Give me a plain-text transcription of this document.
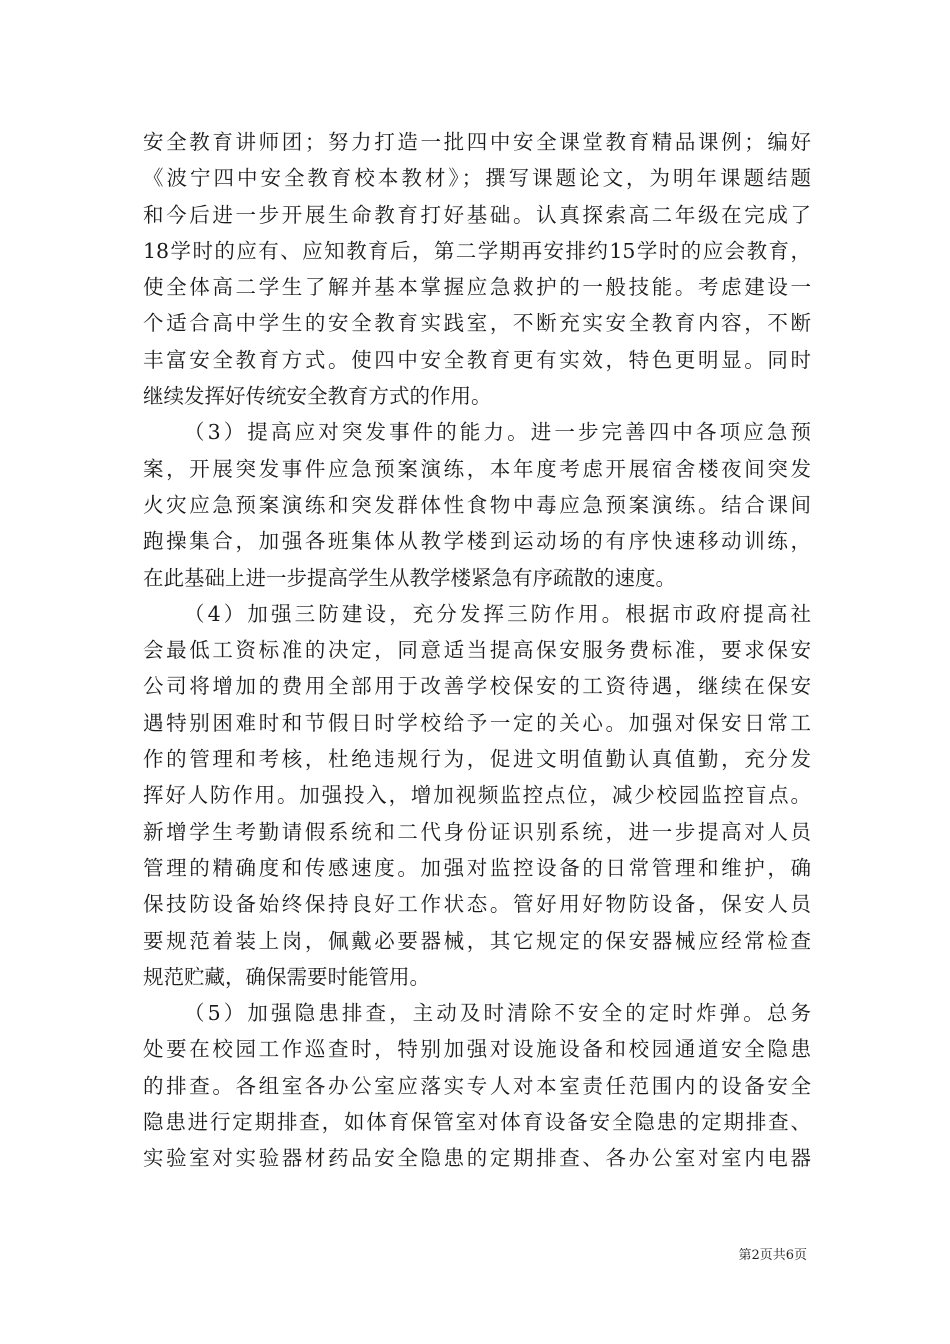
安全教育讲师团；努力打造一批四中安全课堂教育精品课例；编好
《波宁四中安全教育校本教材》；撰写课题论文，为明年课题结题
和今后进一步开展生命教育打好基础。认真探索高二年级在完成了
18学时的应有、应知教育后，第二学期再安排约15学时的应会教育，
使全体高二学生了解并基本掌握应急救护的一般技能。考虑建设一
个适合高中学生的安全教育实践室，不断充实安全教育内容，不断
丰富安全教育方式。使四中安全教育更有实效，特色更明显。同时
继续发挥好传统安全教育方式的作用。
（3）提高应对突发事件的能力。进一步完善四中各项应急预
案，开展突发事件应急预案演练，本年度考虑开展宿舍楼夜间突发
火灾应急预案演练和突发群体性食物中毒应急预案演练。结合课间
跑操集合，加强各班集体从教学楼到运动场的有序快速移动训练，
在此基础上进一步提高学生从教学楼紧急有序疏散的速度。
（4）加强三防建设，充分发挥三防作用。根据市政府提高社
会最低工资标准的决定，同意适当提高保安服务费标准，要求保安
公司将增加的费用全部用于改善学校保安的工资待遇，继续在保安
遇特别困难时和节假日时学校给予一定的关心。加强对保安日常工
作的管理和考核，杜绝违规行为，促进文明值勤认真值勤，充分发
挥好人防作用。加强投入，增加视频监控点位，减少校园监控盲点。
新增学生考勤请假系统和二代身份证识别系统，进一步提高对人员
管理的精确度和传感速度。加强对监控设备的日常管理和维护，确
保技防设备始终保持良好工作状态。管好用好物防设备，保安人员
要规范着装上岗，佩戴必要器械，其它规定的保安器械应经常检查
规范贮藏，确保需要时能管用。
（5）加强隐患排查，主动及时清除不安全的定时炸弹。总务
处要在校园工作巡查时，特别加强对设施设备和校园通道安全隐患
的排查。各组室各办公室应落实专人对本室责任范围内的设备安全
隐患进行定期排查，如体育保管室对体育设备安全隐患的定期排查、
实验室对实验器材药品安全隐患的定期排查、各办公室对室内电器
第2页共6页
